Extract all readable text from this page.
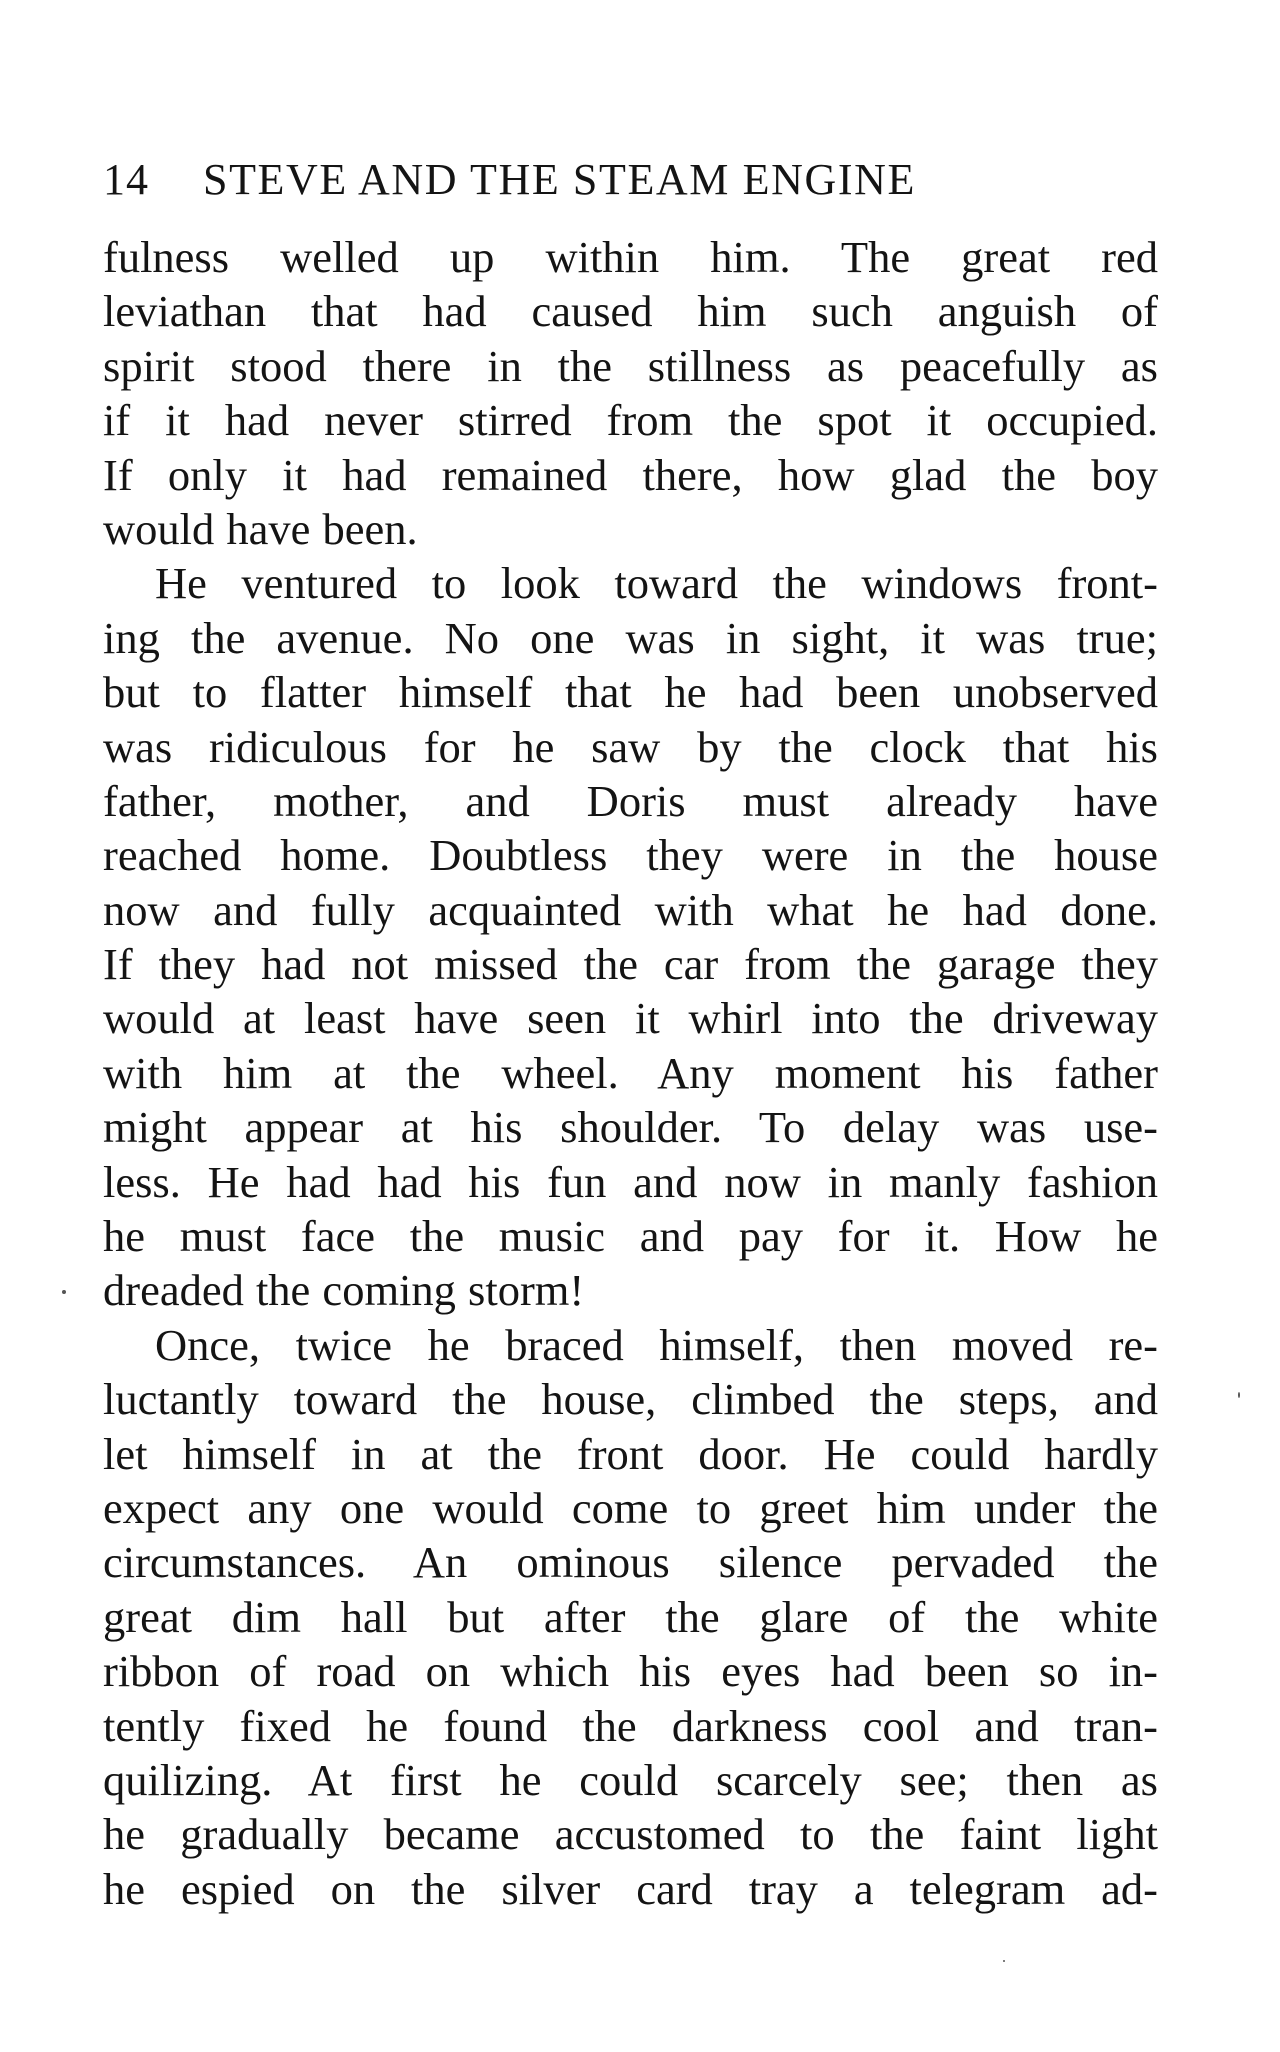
14 STEVE AND THE STEAM ENGINE
fulness welled up within him. The great red
leviathan that had caused him such anguish of
spirit stood there in the stillness as peacefully as
if it had never stirred from the spot it occupied.
If only it had remained there, how glad the boy
would have been.
He ventured to look toward the windows front-
ing the avenue. No one was in sight, it was true;
but to flatter himself that he had been unobserved
was ridiculous for he saw by the clock that his
father, mother, and Doris must already have
reached home. Doubtless they were in the house
now and fully acquainted with what he had done.
If they had not missed the car from the garage they
would at least have seen it whirl into the driveway
with him at the wheel. Any moment his father
might appear at his shoulder. To delay was use-
less. He had had his fun and now in manly fashion
he must face the music and pay for it. How he
dreaded the coming storm!
Once, twice he braced himself, then moved re-
luctantly toward the house, climbed the steps, and
let himself in at the front door. He could hardly
expect any one would come to greet him under the
circumstances. An ominous silence pervaded the
great dim hall but after the glare of the white
ribbon of road on which his eyes had been so in-
tently fixed he found the darkness cool and tran-
quilizing. At first he could scarcely see; then as
he gradually became accustomed to the faint light
he espied on the silver card tray a telegram ad-
